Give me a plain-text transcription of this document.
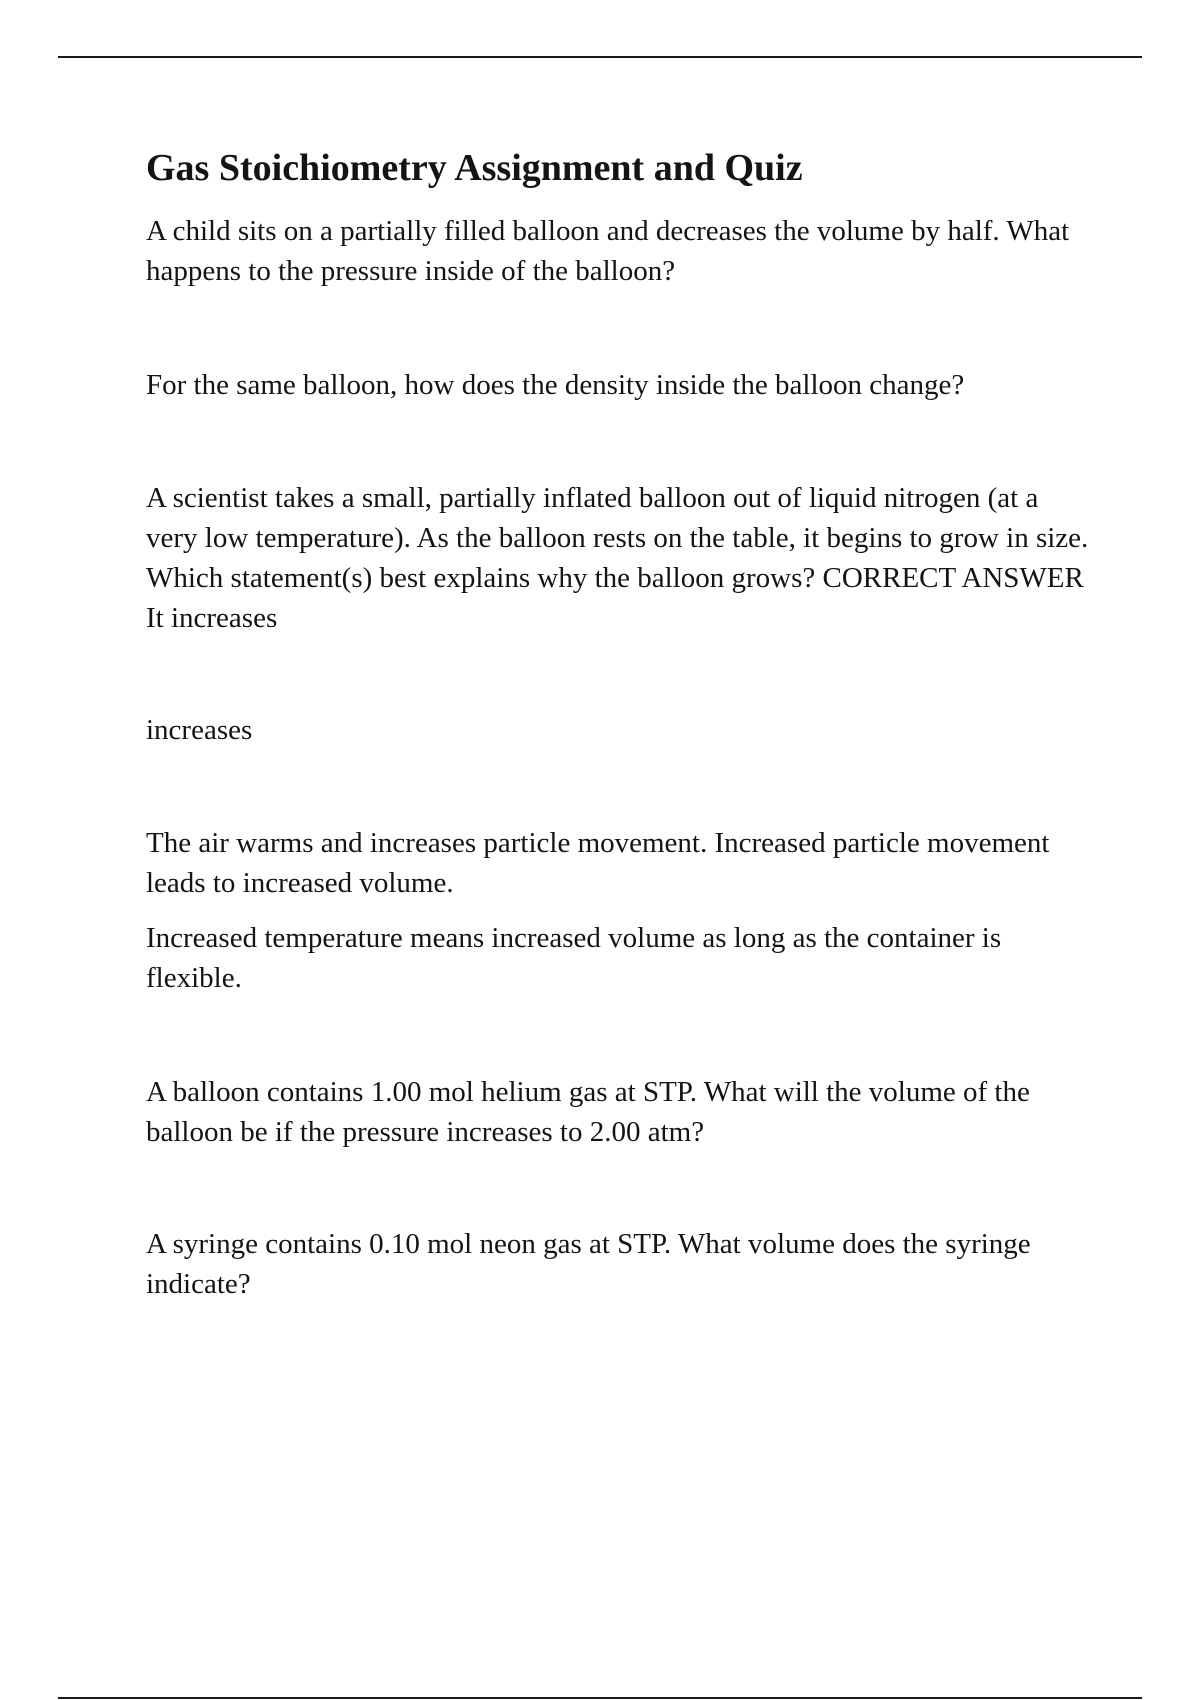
Gas Stoichiometry Assignment and Quiz

A child sits on a partially filled balloon and decreases the volume by half. What happens to the pressure inside of the balloon?

For the same balloon, how does the density inside the balloon change?

A scientist takes a small, partially inflated balloon out of liquid nitrogen (at a very low temperature). As the balloon rests on the table, it begins to grow in size. Which statement(s) best explains why the balloon grows? CORRECT ANSWER It increases

increases

The air warms and increases particle movement. Increased particle movement leads to increased volume.

Increased temperature means increased volume as long as the container is flexible.

A balloon contains 1.00 mol helium gas at STP. What will the volume of the balloon be if the pressure increases to 2.00 atm?

A syringe contains 0.10 mol neon gas at STP. What volume does the syringe indicate?
